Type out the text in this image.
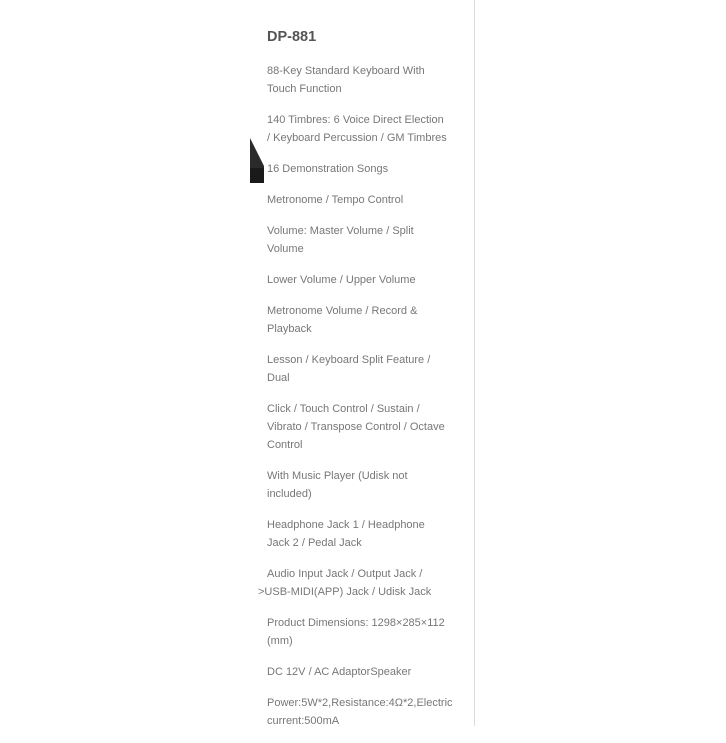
DP-881
88-Key Standard Keyboard With
Touch Function
140 Timbres: 6 Voice Direct Election
/ Keyboard Percussion / GM Timbres
16 Demonstration Songs
Metronome / Tempo Control
Volume: Master Volume / Split
Volume
Lower Volume / Upper Volume
Metronome Volume / Record &
Playback
Lesson / Keyboard Split Feature /
Dual
Click / Touch Control / Sustain /
Vibrato / Transpose Control / Octave
Control
With Music Player (Udisk not
included)
Headphone Jack 1 / Headphone
Jack 2 / Pedal Jack
Audio Input Jack / Output Jack /
>USB-MIDI(APP) Jack / Udisk Jack
Product Dimensions: 1298×285×112
(mm)
DC 12V / AC AdaptorSpeaker
Power:5W*2,Resistance:4Ω*2,Electric
current:500mA
